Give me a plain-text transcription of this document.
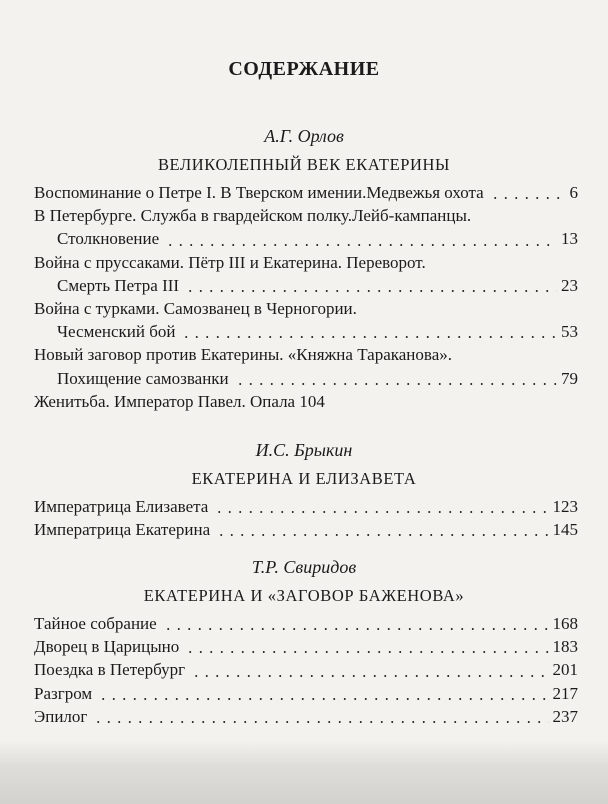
СОДЕРЖАНИЕ
А.Г. Орлов
ВЕЛИКОЛЕПНЫЙ ВЕК ЕКАТЕРИНЫ
Воспоминание о Петре I. В Тверском имении.Медвежья охота	6
В Петербурге. Служба в гвардейском полку.Лейб-кампанцы.
Столкновение	13
Война с пруссаками. Пётр III и Екатерина. Переворот.
Смерть Петра III	23
Война с турками. Самозванец в Черногории.
Чесменский бой	53
Новый заговор против Екатерины. «Княжна Тараканова».
Похищение самозванки	79
Женитьба. Император Павел. Опала 104
И.С. Брыкин
ЕКАТЕРИНА И ЕЛИЗАВЕТА
Императрица Елизавета	123
Императрица Екатерина	145
Т.Р. Свиридов
ЕКАТЕРИНА И «ЗАГОВОР БАЖЕНОВА»
Тайное собрание	168
Дворец в Царицыно	183
Поездка в Петербург	201
Разгром	217
Эпилог	237
